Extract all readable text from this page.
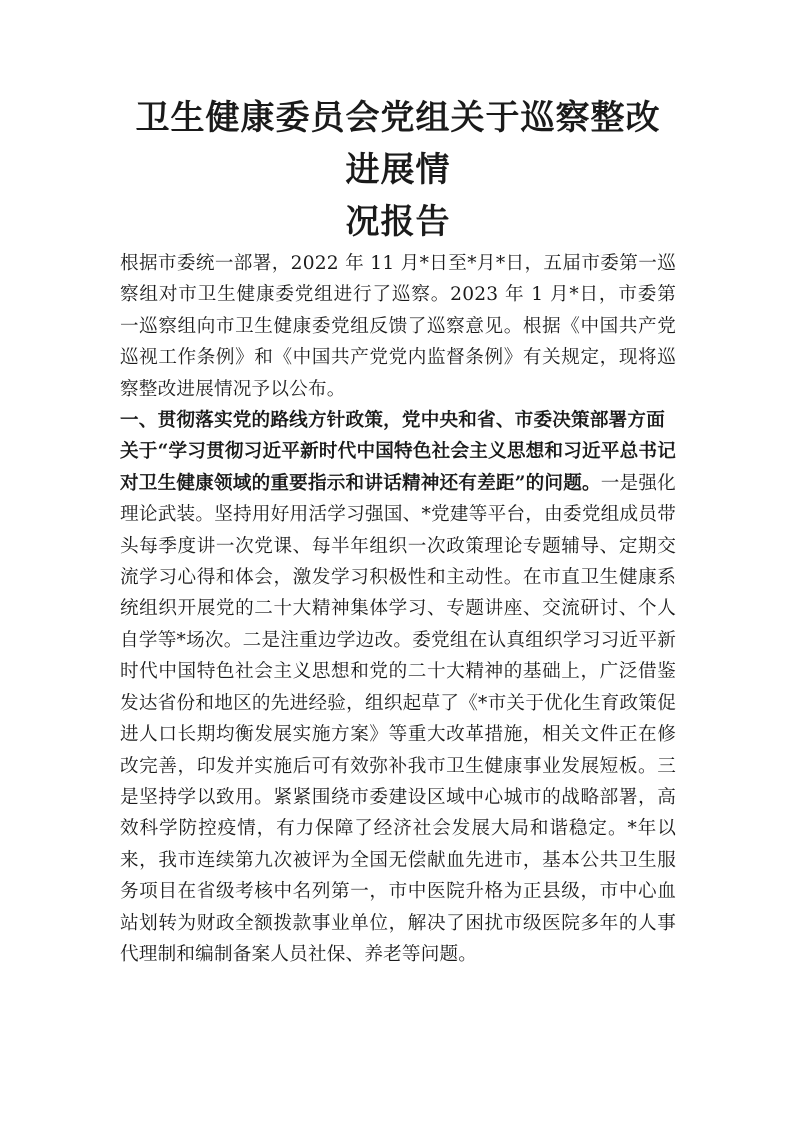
卫生健康委员会党组关于巡察整改进展情
况报告

根据市委统一部署，2022 年 11 月*日至*月*日，五届市委第一巡察组对市卫生健康委党组进行了巡察。2023 年 1 月*日，市委第一巡察组向市卫生健康委党组反馈了巡察意见。根据《中国共产党巡视工作条例》和《中国共产党党内监督条例》有关规定，现将巡察整改进展情况予以公布。

一、贯彻落实党的路线方针政策，党中央和省、市委决策部署方面

关于“学习贯彻习近平新时代中国特色社会主义思想和习近平总书记对卫生健康领域的重要指示和讲话精神还有差距”的问题。一是强化理论武装。坚持用好用活学习强国、*党建等平台，由委党组成员带头每季度讲一次党课、每半年组织一次政策理论专题辅导、定期交流学习心得和体会，激发学习积极性和主动性。在市直卫生健康系统组织开展党的二十大精神集体学习、专题讲座、交流研讨、个人自学等*场次。二是注重边学边改。委党组在认真组织学习习近平新时代中国特色社会主义思想和党的二十大精神的基础上，广泛借鉴发达省份和地区的先进经验，组织起草了《*市关于优化生育政策促进人口长期均衡发展实施方案》等重大改革措施，相关文件正在修改完善，印发并实施后可有效弥补我市卫生健康事业发展短板。三是坚持学以致用。紧紧围绕市委建设区域中心城市的战略部署，高效科学防控疫情，有力保障了经济社会发展大局和谐稳定。*年以来，我市连续第九次被评为全国无偿献血先进市，基本公共卫生服务项目在省级考核中名列第一，市中医院升格为正县级，市中心血站划转为财政全额拨款事业单位，解决了困扰市级医院多年的人事代理制和编制备案人员社保、养老等问题。
